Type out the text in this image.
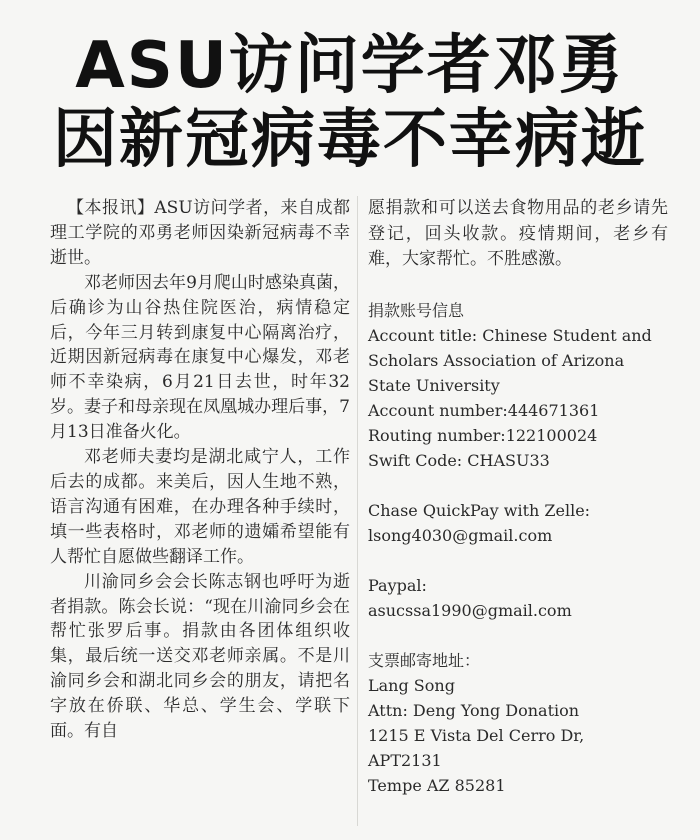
ASU访问学者邓勇
因新冠病毒不幸病逝

【本报讯】ASU访问学者，来自成都理工学院的邓勇老师因染新冠病毒不幸逝世。

邓老师因去年9月爬山时感染真菌，后确诊为山谷热住院医治，病情稳定后，今年三月转到康复中心隔离治疗，近期因新冠病毒在康复中心爆发，邓老师不幸染病，6月21日去世，时年32岁。妻子和母亲现在凤凰城办理后事，7月13日准备火化。

邓老师夫妻均是湖北咸宁人，工作后去的成都。来美后，因人生地不熟，语言沟通有困难，在办理各种手续时，填一些表格时，邓老师的遗孀希望能有人帮忙自愿做些翻译工作。

川渝同乡会会长陈志钢也呼吁为逝者捐款。陈会长说：“现在川渝同乡会在帮忙张罗后事。捐款由各团体组织收集，最后统一送交邓老师亲属。不是川渝同乡会和湖北同乡会的朋友，请把名字放在侨联、华总、学生会、学联下面。有自

愿捐款和可以送去食物用品的老乡请先登记，回头收款。疫情期间，老乡有难，大家帮忙。不胜感激。
捐款账号信息
Account title: Chinese Student and
Scholars Association of Arizona
State University
Account number:444671361
Routing number:122100024
Swift Code: CHASU33
Chase QuickPay with Zelle:
lsong4030@gmail.com
Paypal:
asucssa1990@gmail.com
支票邮寄地址：
Lang Song
Attn: Deng Yong Donation
1215 E Vista Del Cerro Dr,
APT2131
Tempe AZ 85281
